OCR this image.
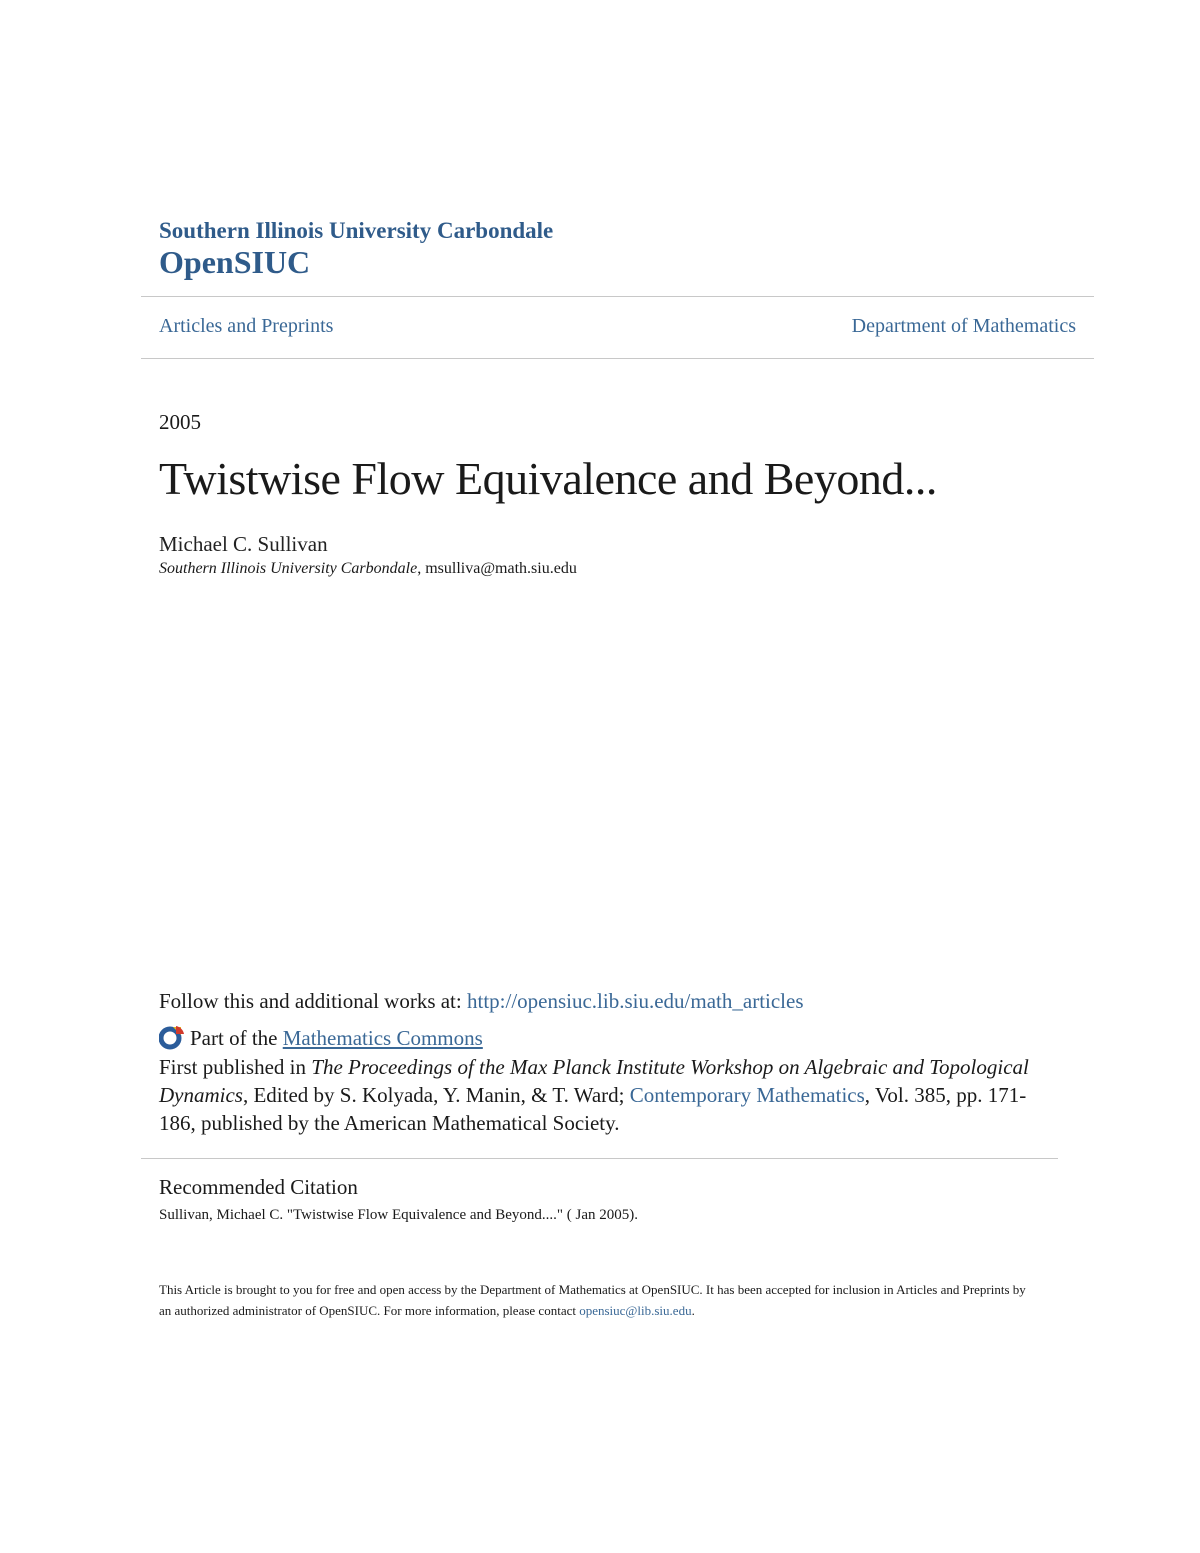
Southern Illinois University Carbondale
OpenSIUC
Articles and Preprints	Department of Mathematics
2005
Twistwise Flow Equivalence and Beyond...
Michael C. Sullivan
Southern Illinois University Carbondale, msulliva@math.siu.edu
Follow this and additional works at: http://opensiuc.lib.siu.edu/math_articles
Part of the Mathematics Commons
First published in The Proceedings of the Max Planck Institute Workshop on Algebraic and Topological Dynamics, Edited by S. Kolyada, Y. Manin, & T. Ward; Contemporary Mathematics, Vol. 385, pp. 171-186, published by the American Mathematical Society.
Recommended Citation
Sullivan, Michael C. "Twistwise Flow Equivalence and Beyond...." ( Jan 2005).
This Article is brought to you for free and open access by the Department of Mathematics at OpenSIUC. It has been accepted for inclusion in Articles and Preprints by an authorized administrator of OpenSIUC. For more information, please contact opensiuc@lib.siu.edu.
